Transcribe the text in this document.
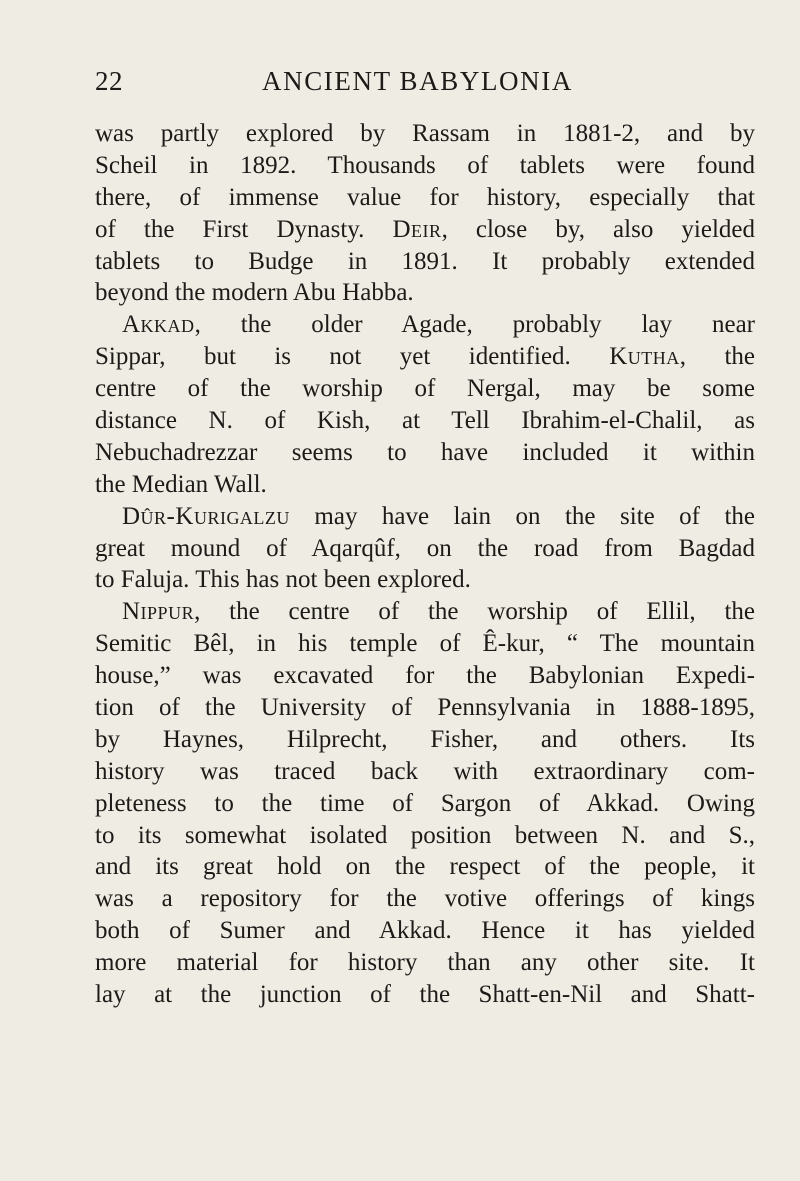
22	ANCIENT BABYLONIA
was partly explored by Rassam in 1881-2, and by
Scheil in 1892. Thousands of tablets were found
there, of immense value for history, especially that
of the First Dynasty. Deir, close by, also yielded
tablets to Budge in 1891. It probably extended
beyond the modern Abu Habba.
Akkad, the older Agade, probably lay near
Sippar, but is not yet identified. Kutha, the
centre of the worship of Nergal, may be some
distance N. of Kish, at Tell Ibrahim-el-Chalil, as
Nebuchadrezzar seems to have included it within
the Median Wall.
Dûr-Kurigalzu may have lain on the site of the
great mound of Aqarqûf, on the road from Bagdad
to Faluja. This has not been explored.
Nippur, the centre of the worship of Ellil, the
Semitic Bêl, in his temple of Ê-kur, “ The mountain
house,” was excavated for the Babylonian Expedi-
tion of the University of Pennsylvania in 1888-1895,
by Haynes, Hilprecht, Fisher, and others. Its
history was traced back with extraordinary com-
pleteness to the time of Sargon of Akkad. Owing
to its somewhat isolated position between N. and S.,
and its great hold on the respect of the people, it
was a repository for the votive offerings of kings
both of Sumer and Akkad. Hence it has yielded
more material for history than any other site. It
lay at the junction of the Shatt-en-Nil and Shatt-
